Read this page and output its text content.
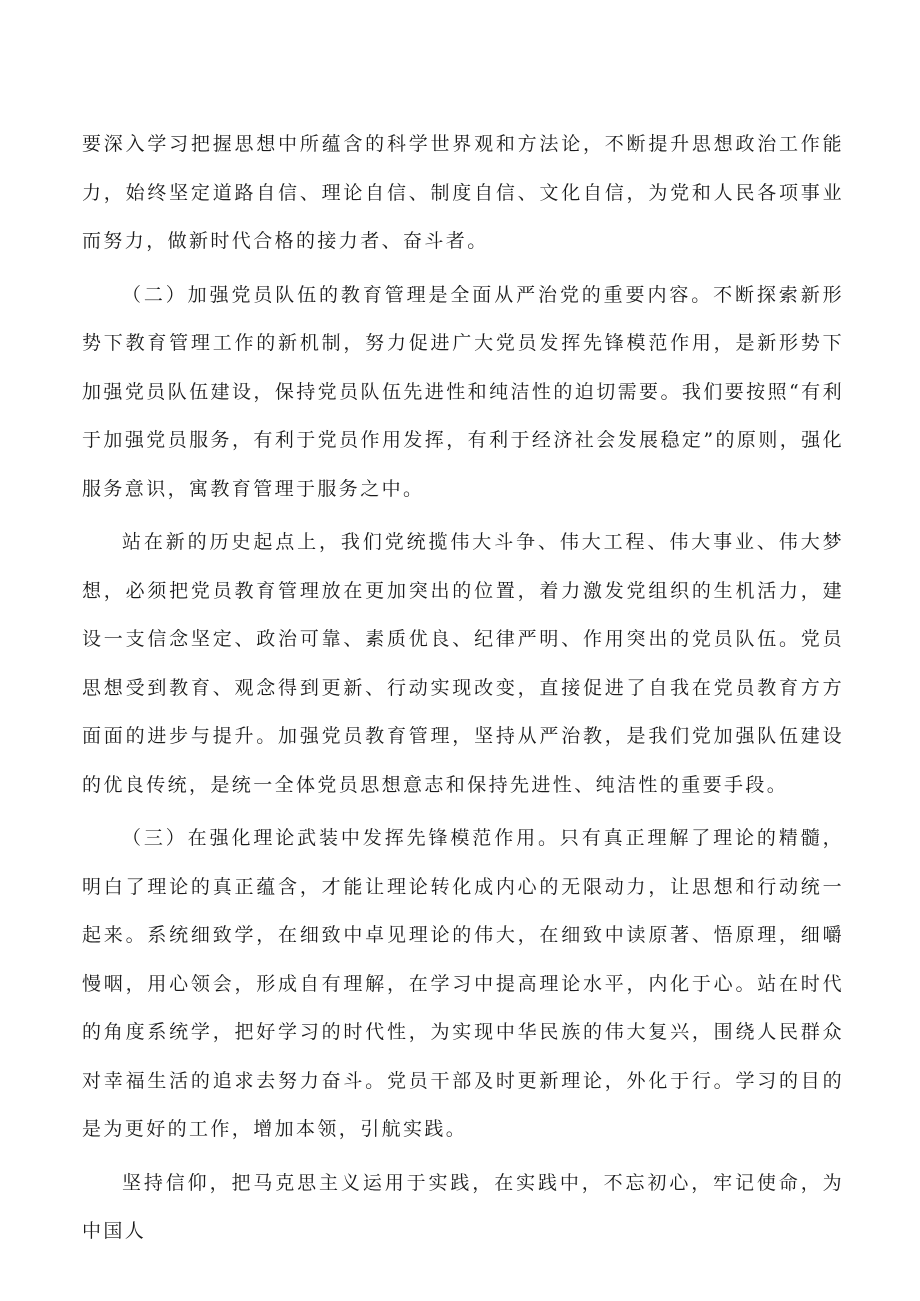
要深入学习把握思想中所蕴含的科学世界观和方法论，不断提升思想政治工作能力，始终坚定道路自信、理论自信、制度自信、文化自信，为党和人民各项事业而努力，做新时代合格的接力者、奋斗者。

（二）加强党员队伍的教育管理是全面从严治党的重要内容。不断探索新形势下教育管理工作的新机制，努力促进广大党员发挥先锋模范作用，是新形势下加强党员队伍建设，保持党员队伍先进性和纯洁性的迫切需要。我们要按照“有利于加强党员服务，有利于党员作用发挥，有利于经济社会发展稳定”的原则，强化服务意识，寓教育管理于服务之中。

站在新的历史起点上，我们党统揽伟大斗争、伟大工程、伟大事业、伟大梦想，必须把党员教育管理放在更加突出的位置，着力激发党组织的生机活力，建设一支信念坚定、政治可靠、素质优良、纪律严明、作用突出的党员队伍。党员思想受到教育、观念得到更新、行动实现改变，直接促进了自我在党员教育方方面面的进步与提升。加强党员教育管理，坚持从严治教，是我们党加强队伍建设的优良传统，是统一全体党员思想意志和保持先进性、纯洁性的重要手段。

（三）在强化理论武装中发挥先锋模范作用。只有真正理解了理论的精髓，明白了理论的真正蕴含，才能让理论转化成内心的无限动力，让思想和行动统一起来。系统细致学，在细致中卓见理论的伟大，在细致中读原著、悟原理，细嚼慢咽，用心领会，形成自有理解，在学习中提高理论水平，内化于心。站在时代的角度系统学，把好学习的时代性，为实现中华民族的伟大复兴，围绕人民群众对幸福生活的追求去努力奋斗。党员干部及时更新理论，外化于行。学习的目的是为更好的工作，增加本领，引航实践。

坚持信仰，把马克思主义运用于实践，在实践中，不忘初心，牢记使命，为中国人
